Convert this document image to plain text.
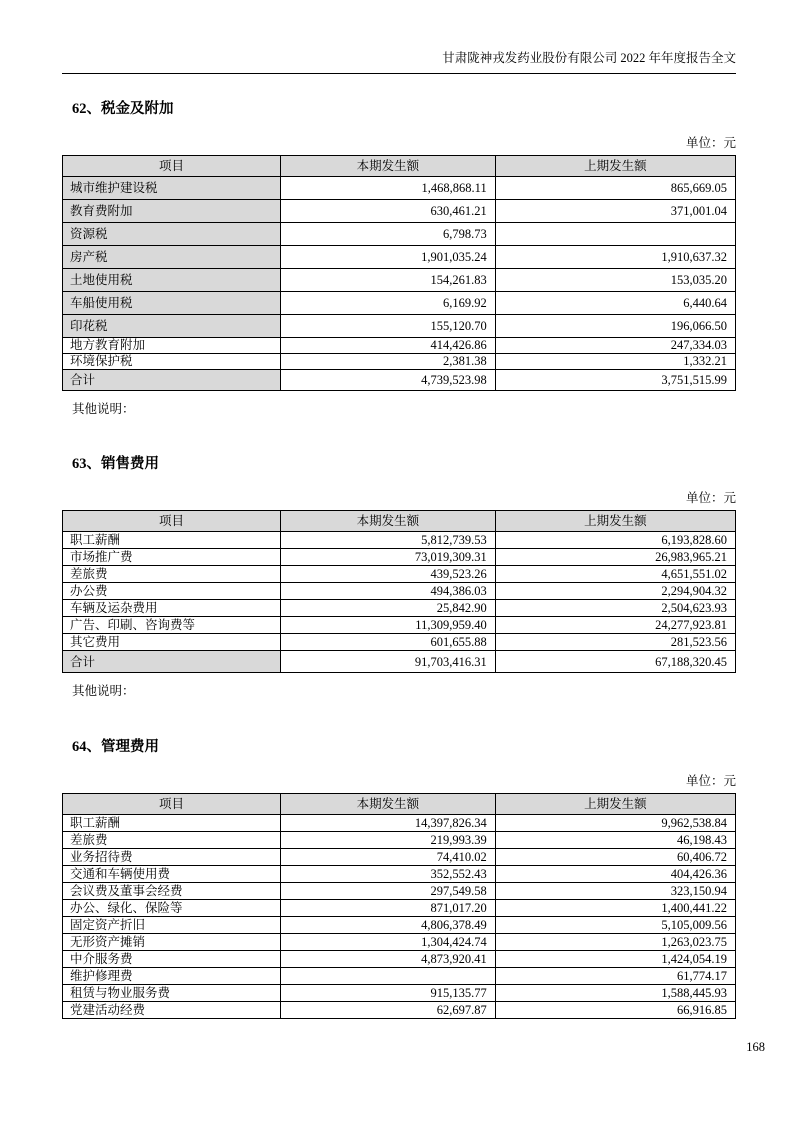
甘肃陇神戎发药业股份有限公司 2022 年年度报告全文
62、税金及附加
单位：元
项目	本期发生额	上期发生额
城市维护建设税	1,468,868.11	865,669.05
教育费附加	630,461.21	371,001.04
资源税	6,798.73	
房产税	1,901,035.24	1,910,637.32
土地使用税	154,261.83	153,035.20
车船使用税	6,169.92	6,440.64
印花税	155,120.70	196,066.50
地方教育附加	414,426.86	247,334.03
环境保护税	2,381.38	1,332.21
合计	4,739,523.98	3,751,515.99
其他说明：
63、销售费用
单位：元
项目	本期发生额	上期发生额
职工薪酬	5,812,739.53	6,193,828.60
市场推广费	73,019,309.31	26,983,965.21
差旅费	439,523.26	4,651,551.02
办公费	494,386.03	2,294,904.32
车辆及运杂费用	25,842.90	2,504,623.93
广告、印刷、咨询费等	11,309,959.40	24,277,923.81
其它费用	601,655.88	281,523.56
合计	91,703,416.31	67,188,320.45
其他说明：
64、管理费用
单位：元
项目	本期发生额	上期发生额
职工薪酬	14,397,826.34	9,962,538.84
差旅费	219,993.39	46,198.43
业务招待费	74,410.02	60,406.72
交通和车辆使用费	352,552.43	404,426.36
会议费及董事会经费	297,549.58	323,150.94
办公、绿化、保险等	871,017.20	1,400,441.22
固定资产折旧	4,806,378.49	5,105,009.56
无形资产摊销	1,304,424.74	1,263,023.75
中介服务费	4,873,920.41	1,424,054.19
维护修理费		61,774.17
租赁与物业服务费	915,135.77	1,588,445.93
党建活动经费	62,697.87	66,916.85
168
